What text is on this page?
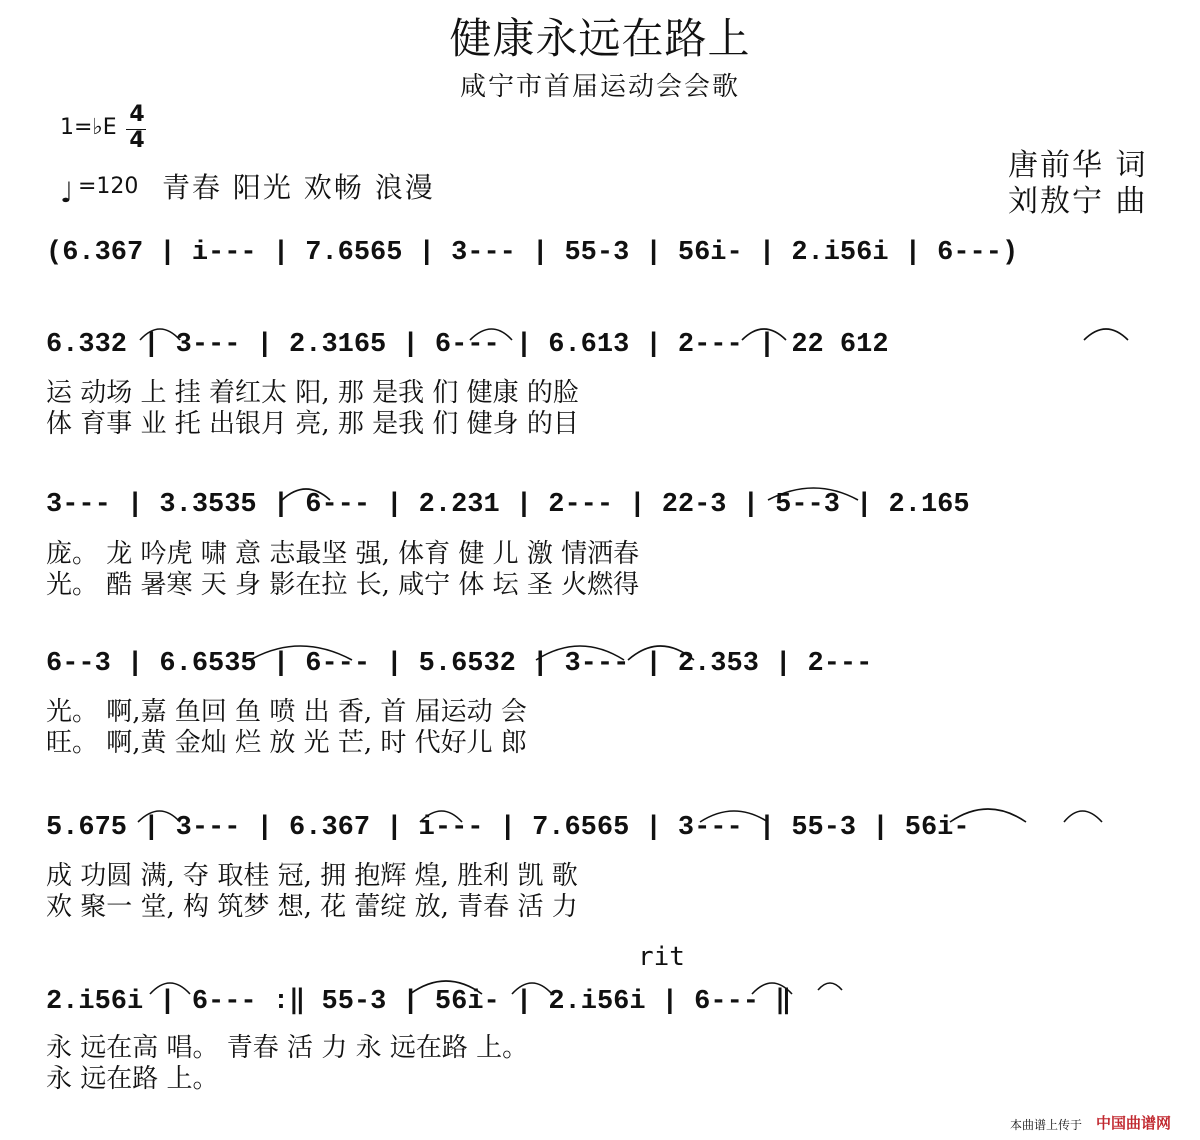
健康永远在路上
咸宁市首届运动会会歌
1=♭E
4
4
♩ =120 青春 阳光 欢畅 浪漫
唐前华 词
刘敖宁 曲
(6.367 | i--- | 7.6565 | 3--- | 55-3 | 56i- | 2.i56i | 6---)
6.332 | 3--- | 2.3165 | 6--- | 6.613 | 2--- | 22 612
运 动场 上 挂 着红太 阳, 那 是我 们 健康 的脸
体 育事 业 托 出银月 亮, 那 是我 们 健身 的目
3--- | 3.3535 | 6--- | 2.231 | 2--- | 22-3 | 5--3 | 2.165
庞。 龙 吟虎 啸 意 志最坚 强, 体育 健 儿 激 情洒春
光。 酷 暑寒 天 身 影在拉 长, 咸宁 体 坛 圣 火燃得
6--3 | 6.6535 | 6--- | 5.6532 | 3--- | 2.353 | 2---
光。 啊,嘉 鱼回 鱼 喷 出 香, 首 届运动 会
旺。 啊,黄 金灿 烂 放 光 芒, 时 代好儿 郎
5.675 | 3--- | 6.367 | i--- | 7.6565 | 3--- | 55-3 | 56i-
成 功圆 满, 夺 取桂 冠, 拥 抱辉 煌, 胜利 凯 歌
欢 聚一 堂, 构 筑梦 想, 花 蕾绽 放, 青春 活 力
rit
2.i56i | 6--- :‖ 55-3 | 56i- | 2.i56i | 6--- ‖
永 远在高 唱。 青春 活 力 永 远在路 上。
永 远在路 上。
本曲谱上传于 中国曲谱网
